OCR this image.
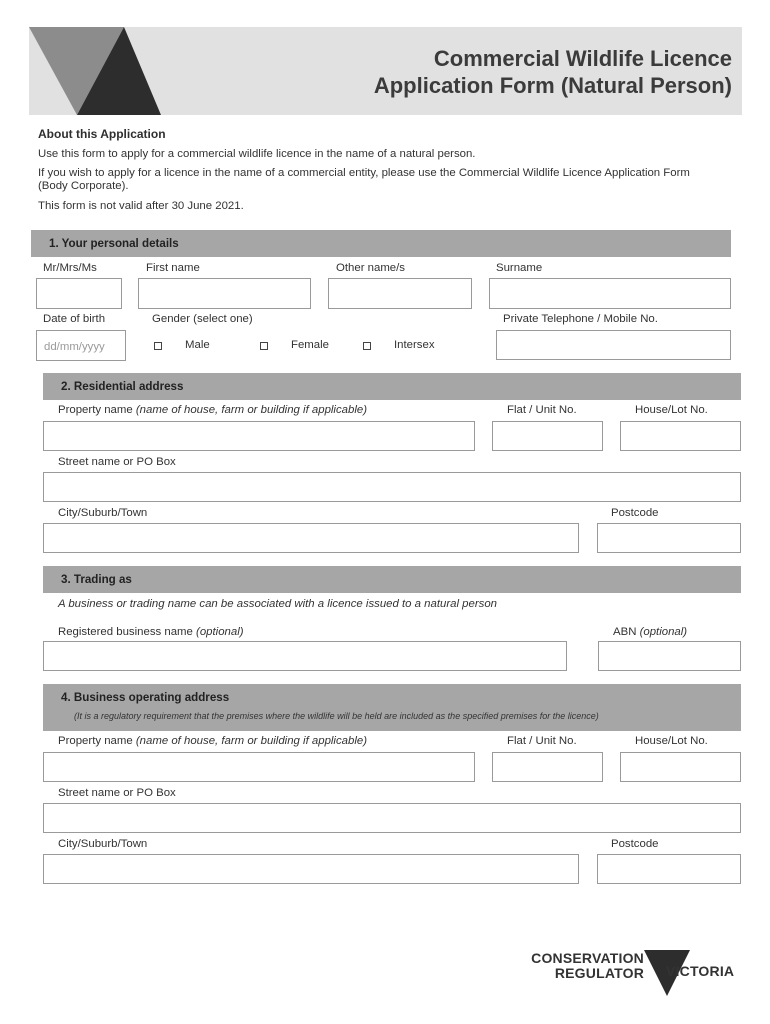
Commercial Wildlife Licence
Application Form (Natural Person)
About this Application
Use this form to apply for a commercial wildlife licence in the name of a natural person.
If you wish to apply for a licence in the name of a commercial entity, please use the Commercial Wildlife Licence Application Form (Body Corporate).
This form is not valid after 30 June 2021.
1. Your personal details
Mr/Mrs/Ms	First name	Other name/s	Surname
Date of birth	Gender (select one)	Private Telephone / Mobile No.
dd/mm/yyyy	Male	Female	Intersex
2. Residential address
Property name (name of house, farm or building if applicable)	Flat / Unit No.	House/Lot No.
Street name or PO Box
City/Suburb/Town	Postcode
3. Trading as
A business or trading name can be associated with a licence issued to a natural person
Registered business name (optional)	ABN (optional)
4. Business operating address
(It is a regulatory requirement that the premises where the wildlife will be held are included as the specified premises for the licence)
Property name (name of house, farm or building if applicable)	Flat / Unit No.	House/Lot No.
Street name or PO Box
City/Suburb/Town	Postcode
CONSERVATION
REGULATOR VICTORIA
